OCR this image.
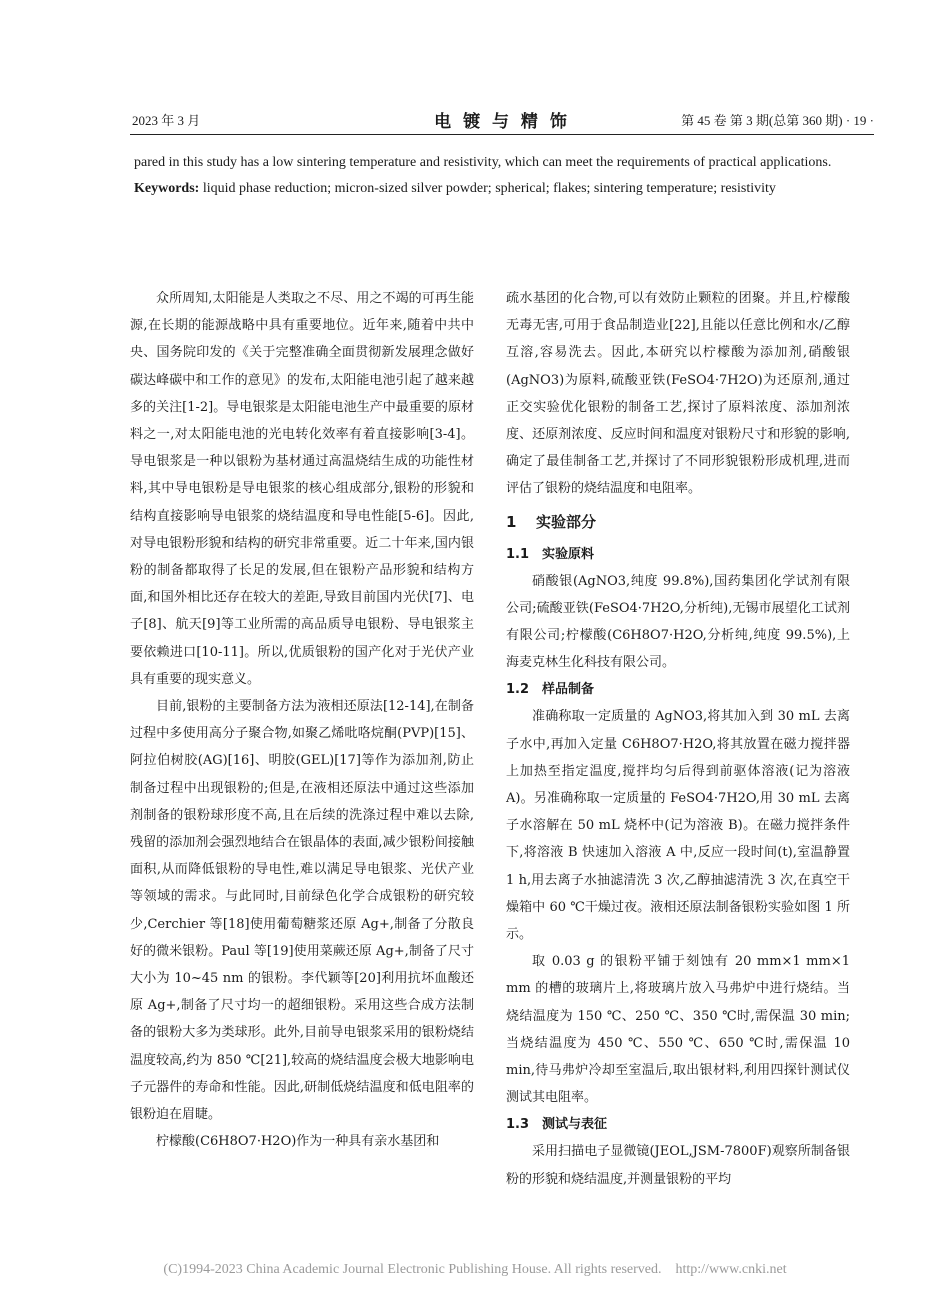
2023 年 3 月	电 镀 与 精 饰	第 45 卷 第 3 期(总第 360 期) · 19 ·

pared in this study has a low sintering temperature and resistivity, which can meet the requirements of practical applications.

Keywords: liquid phase reduction; micron-sized silver powder; spherical; flakes; sintering temperature; resistivity

众所周知,太阳能是人类取之不尽、用之不竭的可再生能源,在长期的能源战略中具有重要地位。近年来,随着中共中央、国务院印发的《关于完整准确全面贯彻新发展理念做好碳达峰碳中和工作的意见》的发布,太阳能电池引起了越来越多的关注[1-2]。导电银浆是太阳能电池生产中最重要的原材料之一,对太阳能电池的光电转化效率有着直接影响[3-4]。导电银浆是一种以银粉为基材通过高温烧结生成的功能性材料,其中导电银粉是导电银浆的核心组成部分,银粉的形貌和结构直接影响导电银浆的烧结温度和导电性能[5-6]。因此,对导电银粉形貌和结构的研究非常重要。近二十年来,国内银粉的制备都取得了长足的发展,但在银粉产品形貌和结构方面,和国外相比还存在较大的差距,导致目前国内光伏[7]、电子[8]、航天[9]等工业所需的高品质导电银粉、导电银浆主要依赖进口[10-11]。所以,优质银粉的国产化对于光伏产业具有重要的现实意义。

目前,银粉的主要制备方法为液相还原法[12-14],在制备过程中多使用高分子聚合物,如聚乙烯吡咯烷酮(PVP)[15]、阿拉伯树胶(AG)[16]、明胶(GEL)[17]等作为添加剂,防止制备过程中出现银粉的;但是,在液相还原法中通过这些添加剂制备的银粉球形度不高,且在后续的洗涤过程中难以去除,残留的添加剂会强烈地结合在银晶体的表面,减少银粉间接触面积,从而降低银粉的导电性,难以满足导电银浆、光伏产业等领域的需求。与此同时,目前绿色化学合成银粉的研究较少,Cerchier 等[18]使用葡萄糖浆还原 Ag+,制备了分散良好的微米银粉。Paul 等[19]使用菜蕨还原 Ag+,制备了尺寸大小为 10~45 nm 的银粉。李代颖等[20]利用抗坏血酸还原 Ag+,制备了尺寸均一的超细银粉。采用这些合成方法制备的银粉大多为类球形。此外,目前导电银浆采用的银粉烧结温度较高,约为 850 ℃[21],较高的烧结温度会极大地影响电子元器件的寿命和性能。因此,研制低烧结温度和低电阻率的银粉迫在眉睫。

柠檬酸(C6H8O7·H2O)作为一种具有亲水基团和

疏水基团的化合物,可以有效防止颗粒的团聚。并且,柠檬酸无毒无害,可用于食品制造业[22],且能以任意比例和水/乙醇互溶,容易洗去。因此,本研究以柠檬酸为添加剂,硝酸银(AgNO3)为原料,硫酸亚铁(FeSO4·7H2O)为还原剂,通过正交实验优化银粉的制备工艺,探讨了原料浓度、添加剂浓度、还原剂浓度、反应时间和温度对银粉尺寸和形貌的影响,确定了最佳制备工艺,并探讨了不同形貌银粉形成机理,进而评估了银粉的烧结温度和电阻率。

1 实验部分
1.1 实验原料

硝酸银(AgNO3,纯度 99.8%),国药集团化学试剂有限公司;硫酸亚铁(FeSO4·7H2O,分析纯),无锡市展望化工试剂有限公司;柠檬酸(C6H8O7·H2O,分析纯,纯度 99.5%),上海麦克林生化科技有限公司。

1.2 样品制备

准确称取一定质量的 AgNO3,将其加入到 30 mL 去离子水中,再加入定量 C6H8O7·H2O,将其放置在磁力搅拌器上加热至指定温度,搅拌均匀后得到前驱体溶液(记为溶液 A)。另准确称取一定质量的 FeSO4·7H2O,用 30 mL 去离子水溶解在 50 mL 烧杯中(记为溶液 B)。在磁力搅拌条件下,将溶液 B 快速加入溶液 A 中,反应一段时间(t),室温静置 1 h,用去离子水抽滤清洗 3 次,乙醇抽滤清洗 3 次,在真空干燥箱中 60 ℃干燥过夜。液相还原法制备银粉实验如图 1 所示。

取 0.03 g 的银粉平铺于刻蚀有 20 mm×1 mm×1 mm 的槽的玻璃片上,将玻璃片放入马弗炉中进行烧结。当烧结温度为 150 ℃、250 ℃、350 ℃时,需保温 30 min;当烧结温度为 450 ℃、550 ℃、650 ℃时,需保温 10 min,待马弗炉冷却至室温后,取出银材料,利用四探针测试仪测试其电阻率。

1.3 测试与表征

采用扫描电子显微镜(JEOL,JSM-7800F)观察所制备银粉的形貌和烧结温度,并测量银粉的平均

(C)1994-2023 China Academic Journal Electronic Publishing House. All rights reserved. http://www.cnki.net
